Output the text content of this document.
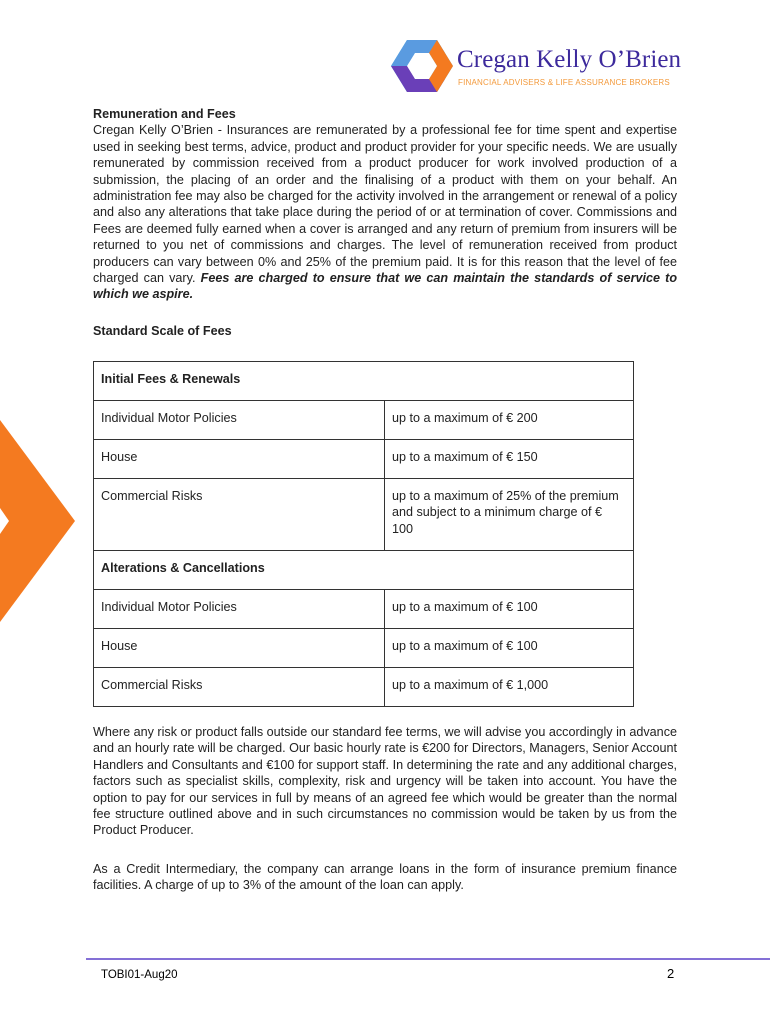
Cregan Kelly O’Brien
FINANCIAL ADVISERS & LIFE ASSURANCE BROKERS
Remuneration and Fees

Cregan Kelly O’Brien - Insurances are remunerated by a professional fee for time spent and expertise used in seeking best terms, advice, product and product provider for your specific needs. We are usually remunerated by commission received from a product producer for work involved production of a submission, the placing of an order and the finalising of a product with them on your behalf. An administration fee may also be charged for the activity involved in the arrangement or renewal of a policy and also any alterations that take place during the period of or at termination of cover. Commissions and Fees are deemed fully earned when a cover is arranged and any return of premium from insurers will be returned to you net of commissions and charges. The level of remuneration received from product producers can vary between 0% and 25% of the premium paid. It is for this reason that the level of fee charged can vary. Fees are charged to ensure that we can maintain the standards of service to which we aspire.

Standard Scale of Fees
Initial Fees & Renewals	
Individual Motor Policies	up to a maximum of € 200
House	up to a maximum of € 150
Commercial Risks	up to a maximum of 25% of the premium and subject to a minimum charge of € 100
Alterations & Cancellations	
Individual Motor Policies	up to a maximum of € 100
House	up to a maximum of € 100
Commercial Risks	up to a maximum of € 1,000

Where any risk or product falls outside our standard fee terms, we will advise you accordingly in advance and an hourly rate will be charged. Our basic hourly rate is €200 for Directors, Managers, Senior Account Handlers and Consultants and €100 for support staff. In determining the rate and any additional charges, factors such as specialist skills, complexity, risk and urgency will be taken into account. You have the option to pay for our services in full by means of an agreed fee which would be greater than the normal fee structure outlined above and in such circumstances no commission would be taken by us from the Product Producer.

As a Credit Intermediary, the company can arrange loans in the form of insurance premium finance facilities. A charge of up to 3% of the amount of the loan can apply.

TOBI01-Aug20	2
